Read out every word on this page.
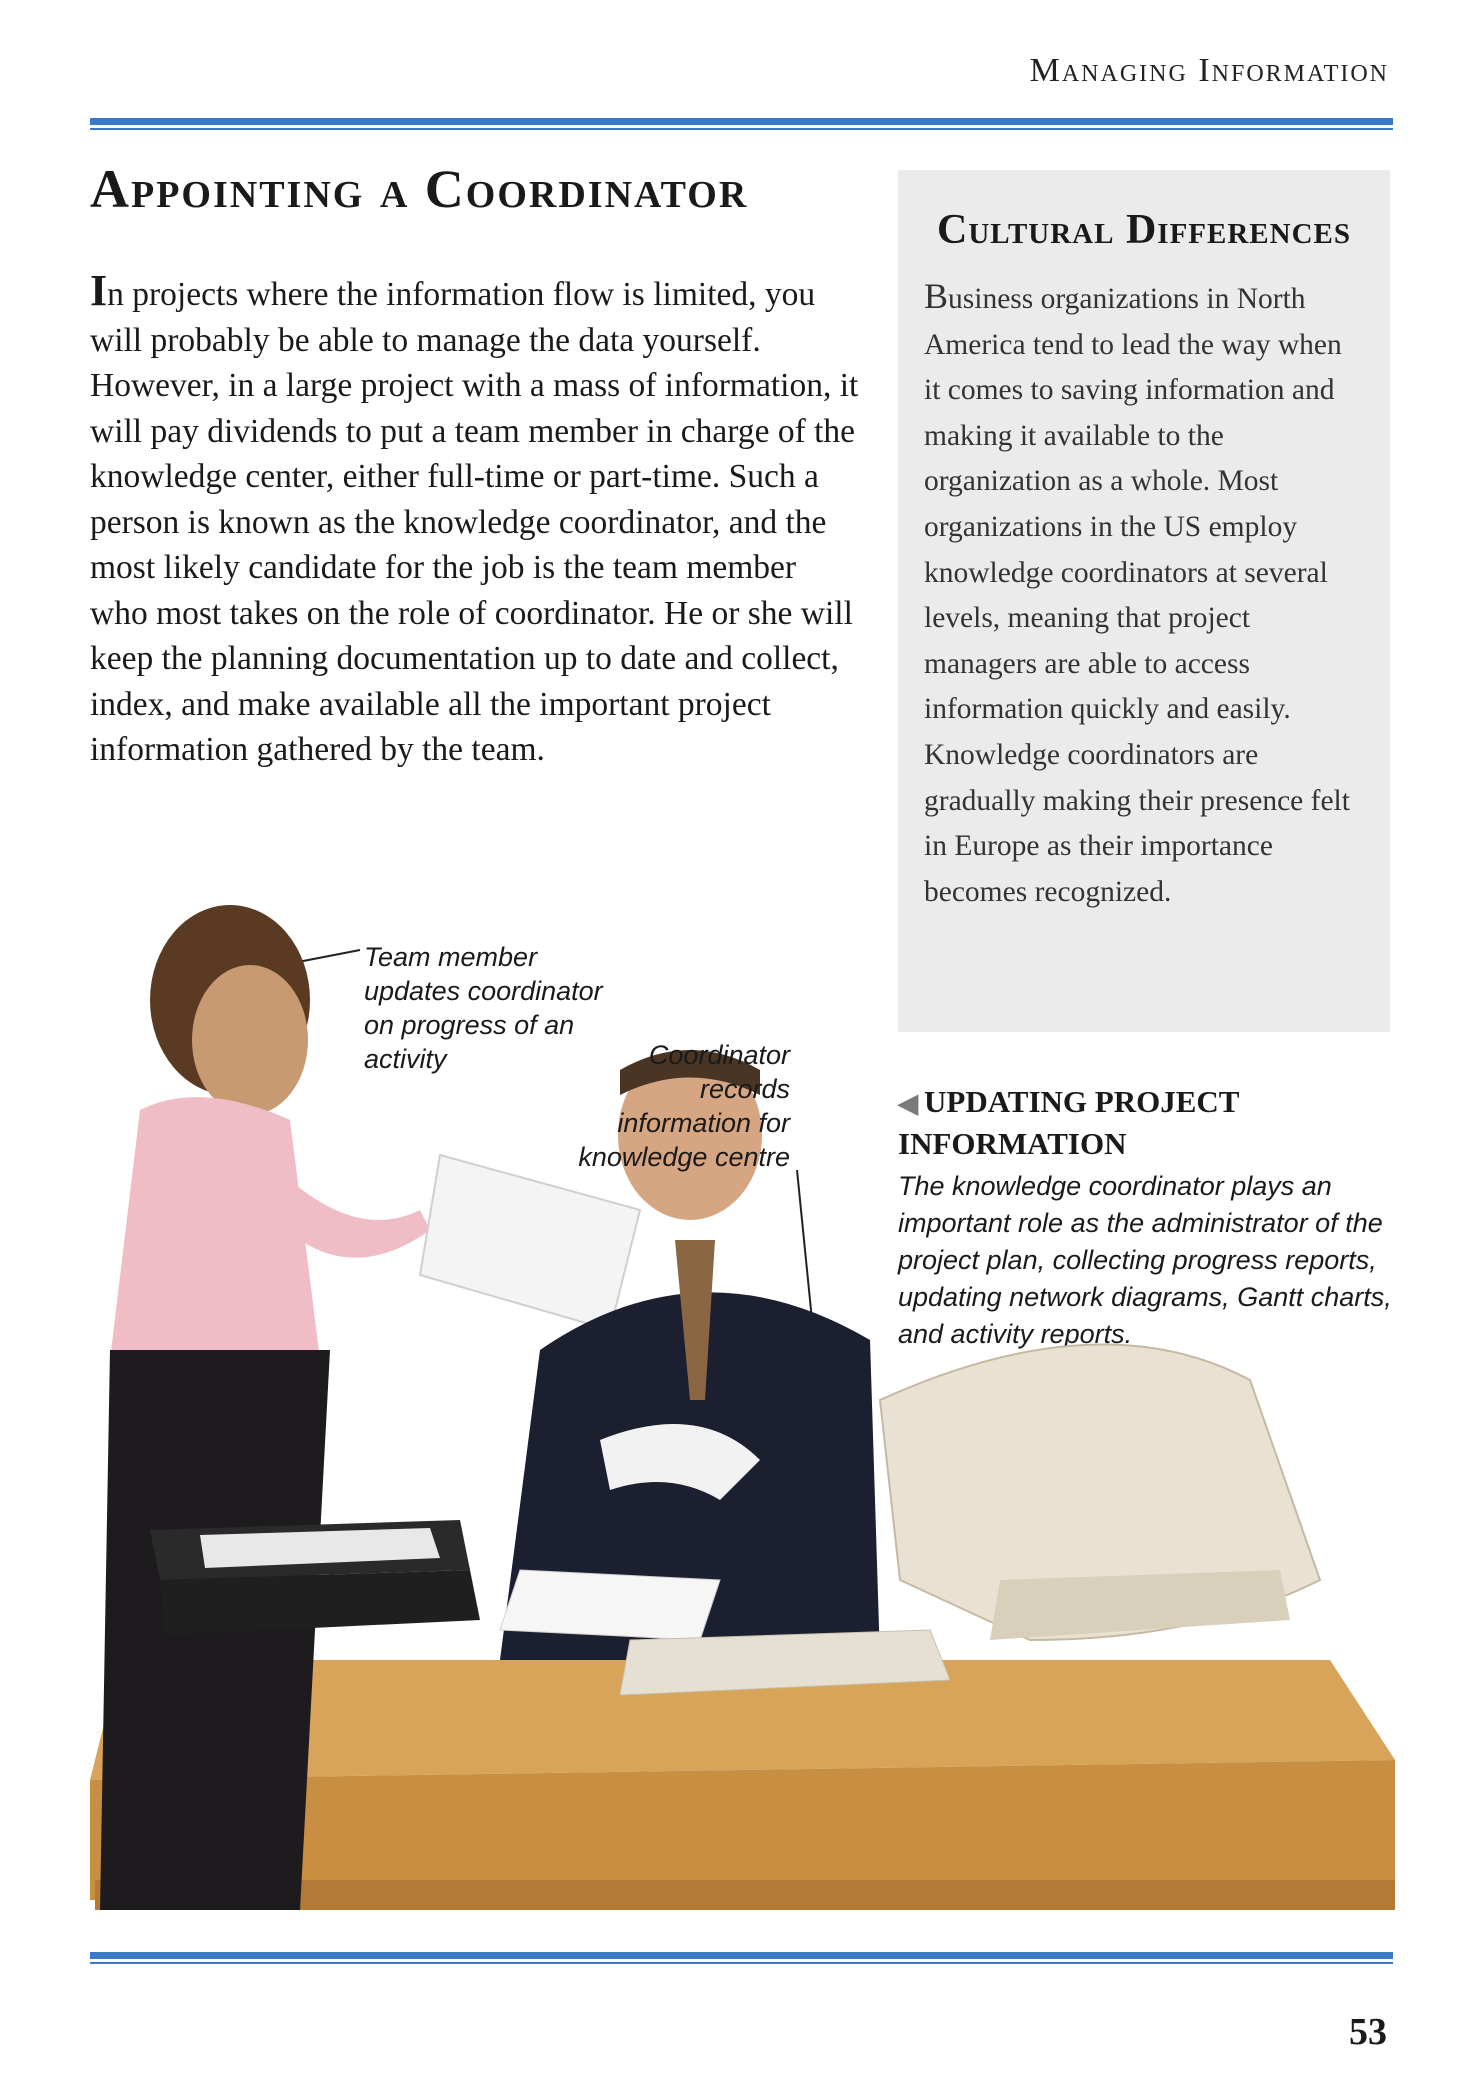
Managing Information
Appointing a Coordinator

In projects where the information flow is limited, you will probably be able to manage the data yourself. However, in a large project with a mass of information, it will pay dividends to put a team member in charge of the knowledge center, either full-time or part-time. Such a person is known as the knowledge coordinator, and the most likely candidate for the job is the team member who most takes on the role of coordinator. He or she will keep the planning documentation up to date and collect, index, and make available all the important project information gathered by the team.

Cultural Differences

Business organizations in North America tend to lead the way when it comes to saving information and making it available to the organization as a whole. Most organizations in the US employ knowledge coordinators at several levels, meaning that project managers are able to access information quickly and easily. Knowledge coordinators are gradually making their presence felt in Europe as their importance becomes recognized.

◀ UPDATING PROJECT INFORMATION

The knowledge coordinator plays an important role as the administrator of the project plan, collecting progress reports, updating network diagrams, Gantt charts, and activity reports.

Team member updates coordinator on progress of an activity	Coordinator records information for knowledge centre
53
